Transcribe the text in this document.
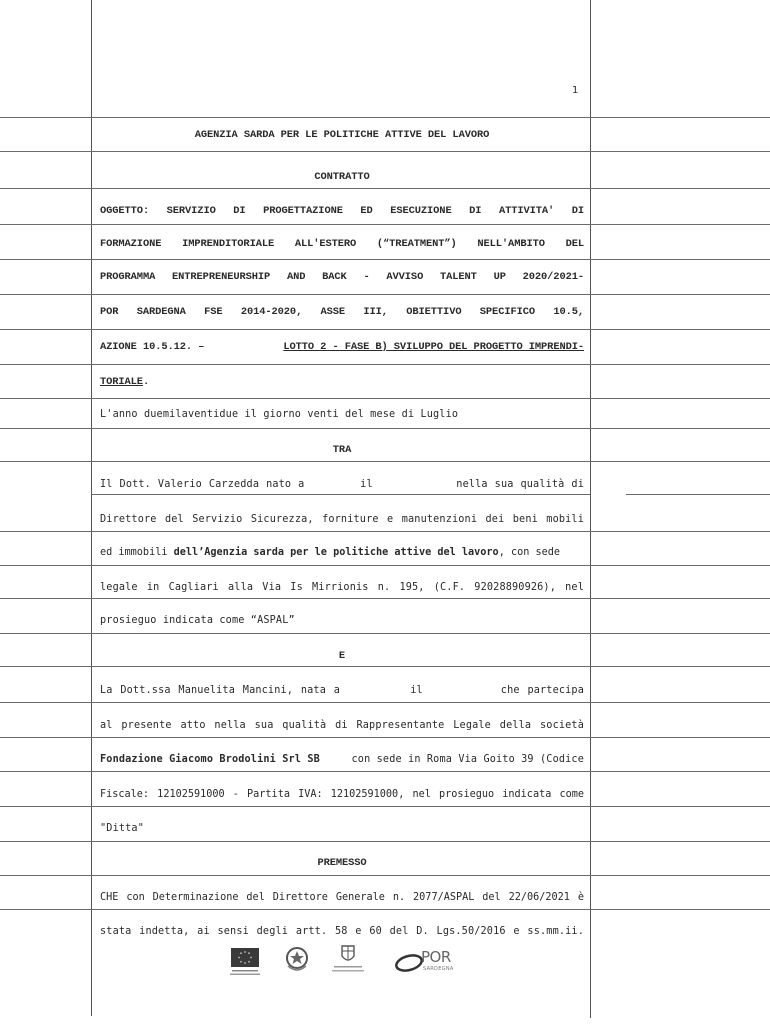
1
AGENZIA SARDA PER LE POLITICHE ATTIVE DEL LAVORO
CONTRATTO
OGGETTO: SERVIZIO DI PROGETTAZIONE ED ESECUZIONE DI ATTIVITA' DI
FORMAZIONE IMPRENDITORIALE ALL'ESTERO (“TREATMENT”) NELL'AMBITO DEL
PROGRAMMA ENTREPRENEURSHIP AND BACK - AVVISO TALENT UP 2020/2021-
POR SARDEGNA FSE 2014-2020, ASSE III, OBIETTIVO SPECIFICO 10.5,
AZIONE 10.5.12. –	LOTTO 2 - FASE B) SVILUPPO DEL PROGETTO IMPRENDI-
TORIALE.
L'anno duemilaventidue il giorno venti del mese di Luglio
TRA
Il Dott. Valerio Carzedda nato a        il            nella sua qualità di
Direttore del Servizio Sicurezza, forniture e manutenzioni dei beni mobili
ed immobili dell’Agenzia sarda per le politiche attive del lavoro, con sede
legale in Cagliari alla Via Is Mirrionis n. 195, (C.F. 92028890926), nel
prosieguo indicata come “ASPAL”
E
La Dott.ssa Manuelita Mancini, nata a         il          che partecipa
al presente atto nella sua qualità di Rappresentante Legale della società
Fondazione Giacomo Brodolini Srl SB con sede in Roma Via Goito 39 (Codice
Fiscale: 12102591000 - Partita IVA: 12102591000, nel prosieguo indicata come
"Ditta"
PREMESSO
CHE con Determinazione del Direttore Generale n. 2077/ASPAL del 22/06/2021 è
stata indetta, ai sensi degli artt. 58 e 60 del D. Lgs.50/2016 e ss.mm.ii.
POR
SARDEGNA
